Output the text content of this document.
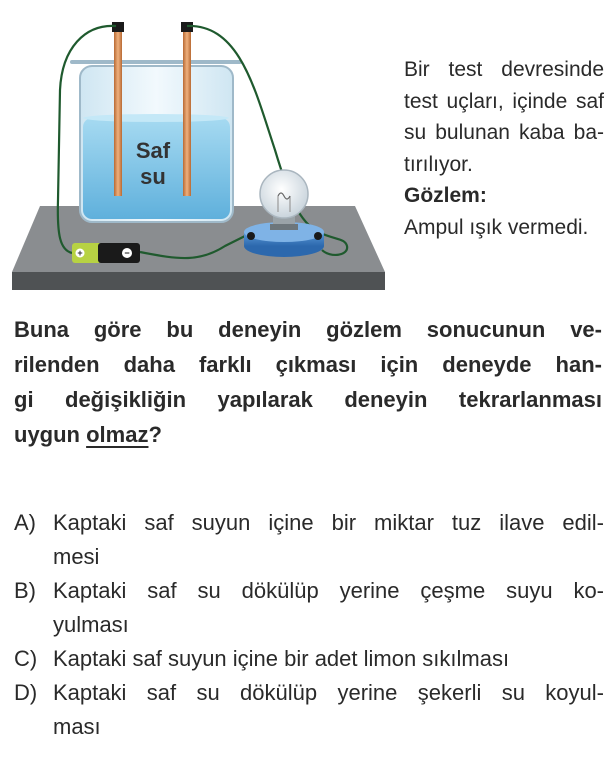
Saf
su
+	−
Bir test devresinde
test uçları, içinde saf
su bulunan kaba ba-
tırılıyor.
Gözlem:
Ampul ışık vermedi.
Buna göre bu deneyin gözlem sonucunun ve-
rilenden daha farklı çıkması için deneyde han-
gi değişikliğin yapılarak deneyin tekrarlanması
uygun olmaz?
A) Kaptaki saf suyun içine bir miktar tuz ilave edil-
mesi
B) Kaptaki saf su dökülüp yerine çeşme suyu ko-
yulması
C) Kaptaki saf suyun içine bir adet limon sıkılması
D) Kaptaki saf su dökülüp yerine şekerli su koyul-
ması
